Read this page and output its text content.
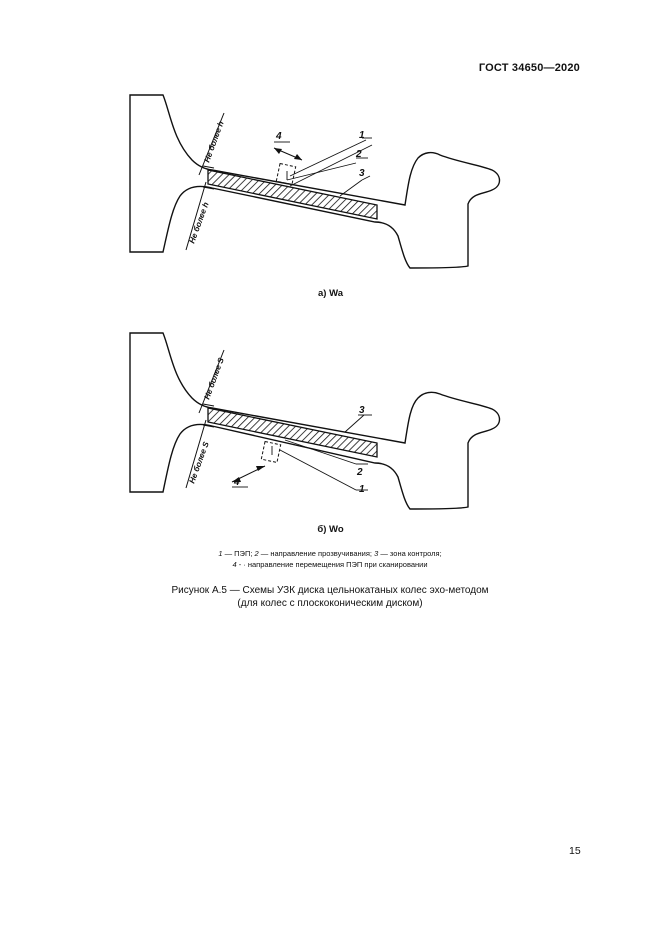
ГОСТ 34650—2020
1
2
3
4
Не более h
Не более h
3
2
1
4
Не более S
Не более S
а) Wa
б) Wo
1 — ПЭП; 2 — направление прозвучивания; 3 — зона контроля;
4 - · направление перемещения ПЭП при сканировании
Рисунок А.5 — Схемы УЗК диска цельнокатаных колес эхо-методом
(для колес с плоскоконическим диском)
15
